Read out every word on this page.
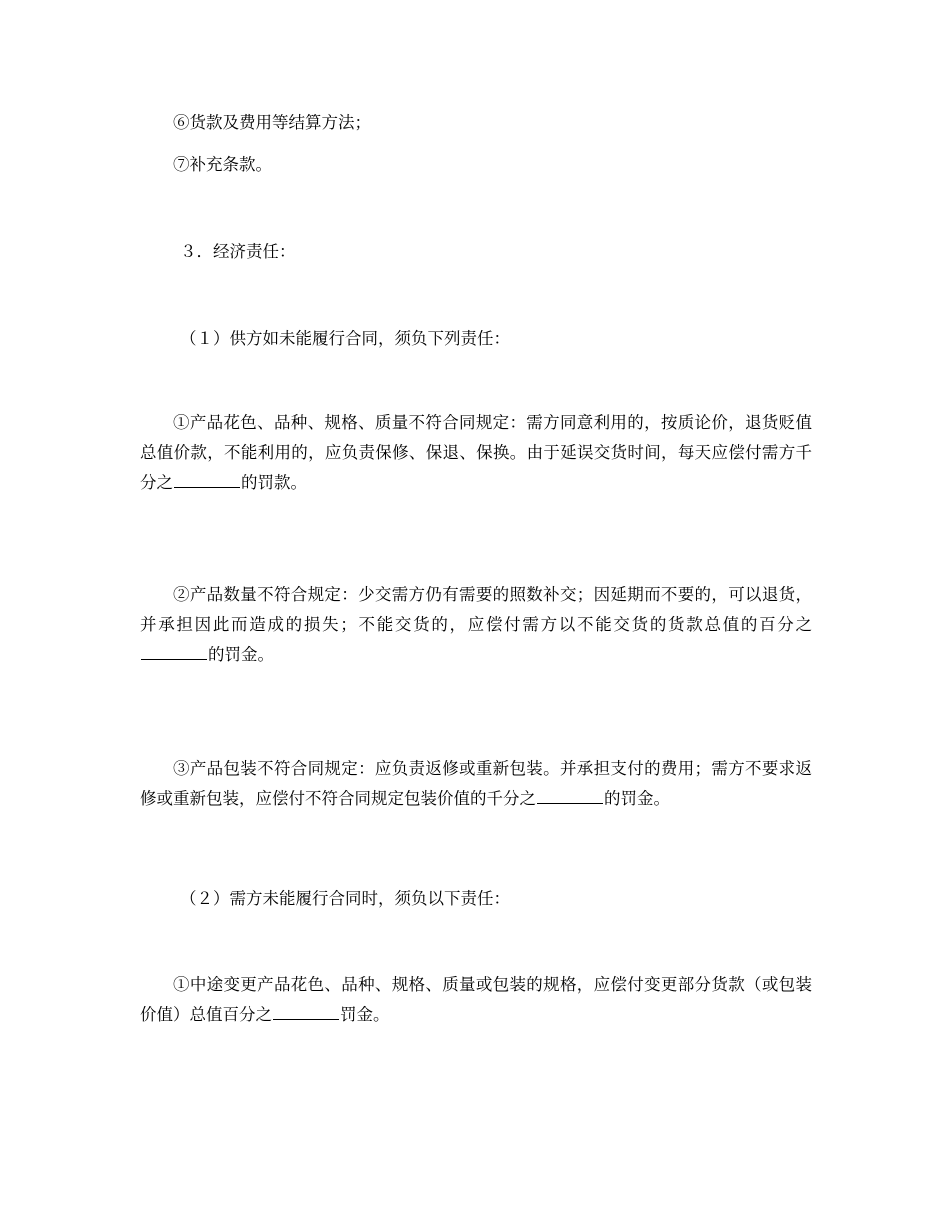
⑥货款及费用等结算方法；

⑦补充条款。

３．经济责任：

（１）供方如未能履行合同，须负下列责任：

①产品花色、品种、规格、质量不符合同规定：需方同意利用的，按质论价，退货贬值总值价款，不能利用的，应负责保修、保退、保换。由于延误交货时间，每天应偿付需方千分之	的罚款。

②产品数量不符合规定：少交需方仍有需要的照数补交；因延期而不要的，可以退货，并承担因此而造成的损失；不能交货的，应偿付需方以不能交货的货款总值的百分之的罚金。

③产品包装不符合同规定：应负责返修或重新包装。并承担支付的费用；需方不要求返修或重新包装，应偿付不符合同规定包装价值的千分之	的罚金。

（２）需方未能履行合同时，须负以下责任：

①中途变更产品花色、品种、规格、质量或包装的规格，应偿付变更部分货款（或包装价值）总值百分之	罚金。
